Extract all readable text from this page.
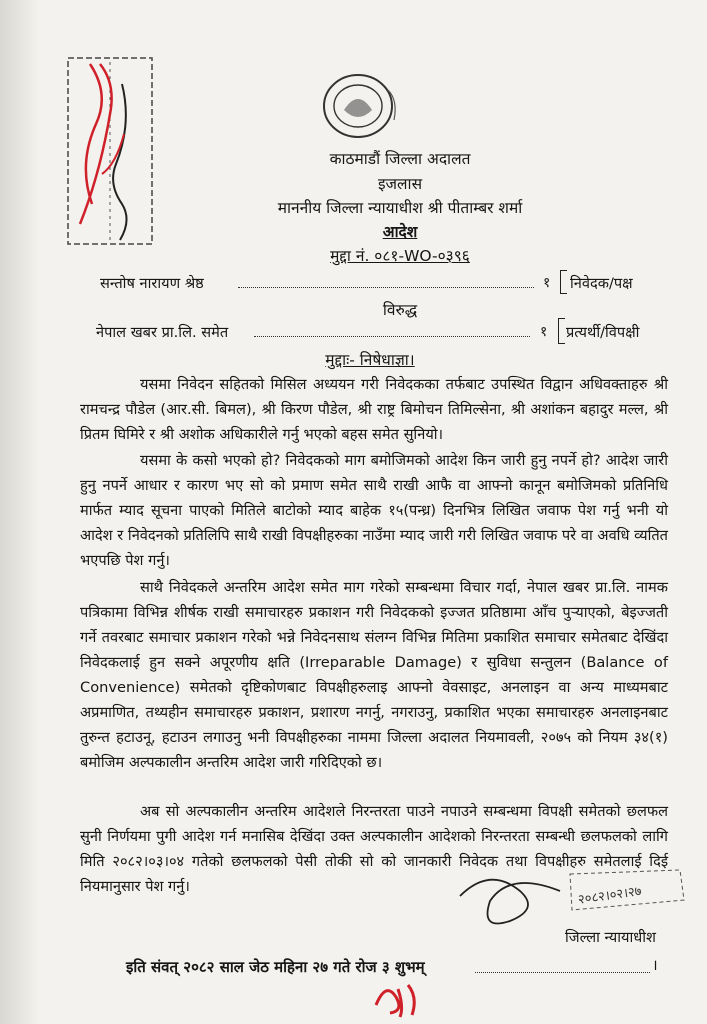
काठमाडौं जिल्ला अदालत
इजलास
माननीय जिल्ला न्यायाधीश श्री पीताम्बर शर्मा
आदेश
मुद्दा नं. ०८१-WO-०३९६
सन्तोष नारायण श्रेष्ठ	१ निवेदक/पक्ष
विरुद्ध
नेपाल खबर प्रा.लि. समेत	१ प्रत्यर्थी/विपक्षी
मुद्दाः- निषेधाज्ञा।
यसमा निवेदन सहितको मिसिल अध्ययन गरी निवेदकका तर्फबाट उपस्थित विद्वान अधिवक्ताहरु श्री रामचन्द्र पौडेल (आर.सी. बिमल), श्री किरण पौडेल, श्री राष्ट्र बिमोचन तिमिल्सेना, श्री अशांकन बहादुर मल्ल, श्री प्रितम घिमिरे र श्री अशोक अधिकारीले गर्नु भएको बहस समेत सुनियो।
यसमा के कसो भएको हो? निवेदकको माग बमोजिमको आदेश किन जारी हुनु नपर्ने हो? आदेश जारी हुनु नपर्ने आधार र कारण भए सो को प्रमाण समेत साथै राखी आफै वा आफ्नो कानून बमोजिमको प्रतिनिधि मार्फत म्याद सूचना पाएको मितिले बाटोको म्याद बाहेक १५(पन्ध्र) दिनभित्र लिखित जवाफ पेश गर्नु भनी यो आदेश र निवेदनको प्रतिलिपि साथै राखी विपक्षीहरुका नाउँमा म्याद जारी गरी लिखित जवाफ परे वा अवधि व्यतित भएपछि पेश गर्नु।
साथै निवेदकले अन्तरिम आदेश समेत माग गरेको सम्बन्धमा विचार गर्दा, नेपाल खबर प्रा.लि. नामक पत्रिकामा विभिन्न शीर्षक राखी समाचारहरु प्रकाशन गरी निवेदकको इज्जत प्रतिष्ठामा आँच पुर्‍याएको, बेइज्जती गर्ने तवरबाट समाचार प्रकाशन गरेको भन्ने निवेदनसाथ संलग्न विभिन्न मितिमा प्रकाशित समाचार समेतबाट देखिंदा निवेदकलाई हुन सक्ने अपूरणीय क्षति (Irreparable Damage) र सुविधा सन्तुलन (Balance of Convenience) समेतको दृष्टिकोणबाट विपक्षीहरुलाइ आफ्नो वेवसाइट, अनलाइन वा अन्य माध्यमबाट अप्रमाणित, तथ्यहीन समाचारहरु प्रकाशन, प्रशारण नगर्नु, नगराउनु, प्रकाशित भएका समाचारहरु अनलाइनबाट तुरुन्त हटाउनू, हटाउन लगाउनु भनी विपक्षीहरुका नाममा जिल्ला अदालत नियमावली, २०७५ को नियम ३४(१) बमोजिम अल्पकालीन अन्तरिम आदेश जारी गरिदिएको छ।
अब सो अल्पकालीन अन्तरिम आदेशले निरन्तरता पाउने नपाउने सम्बन्धमा विपक्षी समेतको छलफल सुनी निर्णयमा पुगी आदेश गर्न मनासिब देखिंदा उक्त अल्पकालीन आदेशको निरन्तरता सम्बन्धी छलफलको लागि मिति २०८२।०३।०४ गतेको छलफलको पेसी तोकी सो को जानकारी निवेदक तथा विपक्षीहरु समेतलाई दिई नियमानुसार पेश गर्नु।	२०८२।०२।२७
जिल्ला न्यायाधीश
इति संवत् २०८२ साल जेठ महिना २७ गते रोज ३ शुभम्	।
